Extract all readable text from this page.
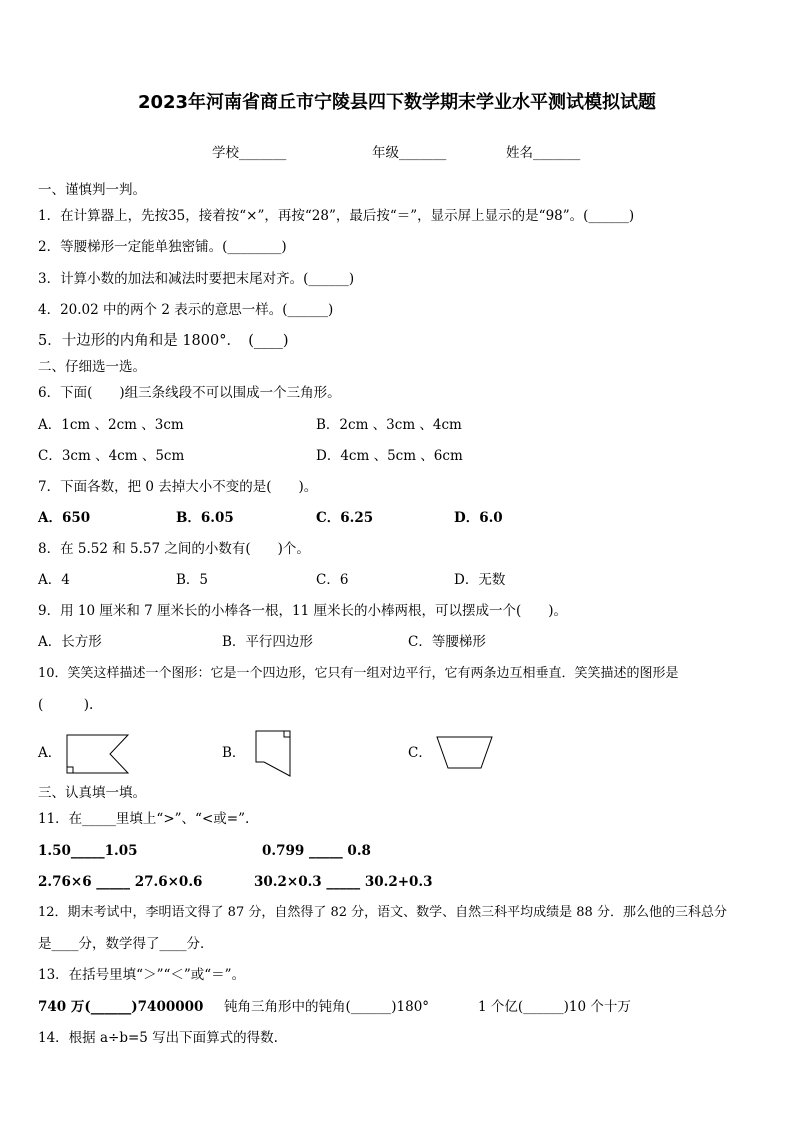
2023年河南省商丘市宁陵县四下数学期末学业水平测试模拟试题
学校_______	年级_______	姓名_______
一、谨慎判一判。
1．在计算器上，先按35，接着按“×”，再按“28”，最后按“＝”，显示屏上显示的是“98”。(______)
2．等腰梯形一定能单独密铺。(________)
3．计算小数的加法和减法时要把末尾对齐。(______)
4．20.02 中的两个 2 表示的意思一样。(______)
5．十边形的内角和是 1800°．　(____)
二、仔细选一选。
6．下面(　　)组三条线段不可以围成一个三角形。
A．1cm 、2cm 、3cm	B．2cm 、3cm 、4cm
C．3cm 、4cm 、5cm	D．4cm 、5cm 、6cm
7．下面各数，把 0 去掉大小不变的是(　　)。
A．650	B．6.05	C．6.25	D．6.0
8．在 5.52 和 5.57 之间的小数有(　　)个。
A．4	B．5	C．6	D．无数
9．用 10 厘米和 7 厘米长的小棒各一根，11 厘米长的小棒两根，可以摆成一个(　　)。
A．长方形	B．平行四边形	C．等腰梯形
10．笑笑这样描述一个图形：它是一个四边形，它只有一组对边平行，它有两条边互相垂直．笑笑描述的图形是
(　　　).
A．	B．	C．
三、认真填一填。
11．在_____里填上“>”、“<或=”.
1.50_____1.05	0.799 _____ 0.8
2.76×6 _____ 27.6×0.6	30.2×0.3 _____ 30.2+0.3
12．期末考试中，李明语文得了 87 分，自然得了 82 分，语文、数学、自然三科平均成绩是 88 分．那么他的三科总分
是____分，数学得了____分．
13．在括号里填“＞”“＜”或“＝”。
740 万(______)7400000 钝角三角形中的钝角(______)180°	1 个亿(______)10 个十万
14．根据 a÷b=5 写出下面算式的得数.
